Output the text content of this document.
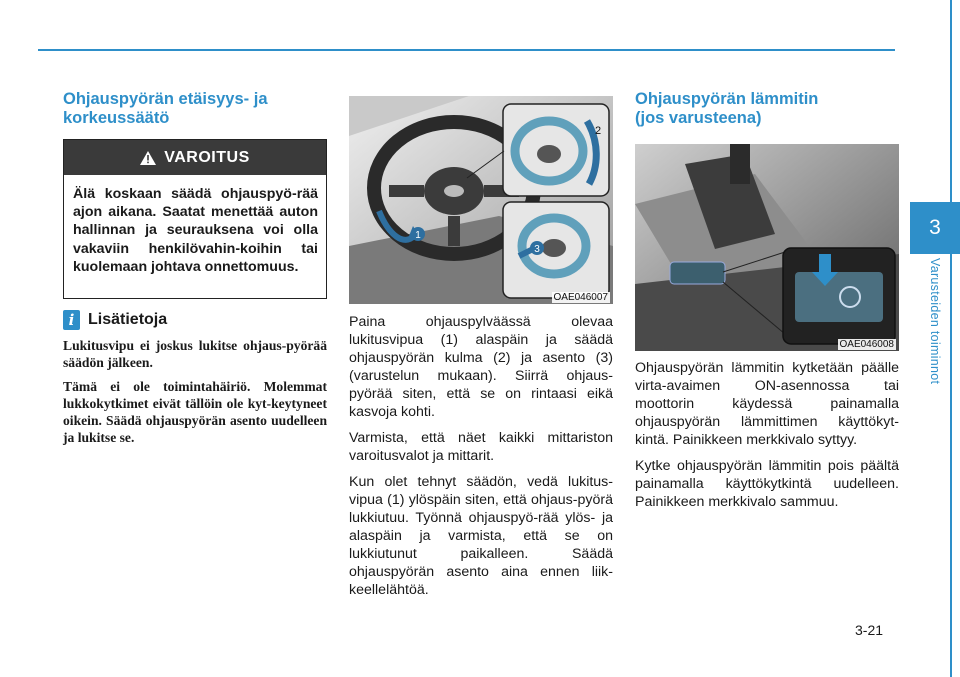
3
Varusteiden toiminnot
Ohjauspyörän etäisyys- ja
korkeussäätö
VAROITUS
Älä koskaan säädä ohjauspyö-rää ajon aikana. Saatat menettää auton hallinnan ja seurauksena voi olla vakaviin henkilövahin-koihin tai kuolemaan johtava onnettomuus.
i Lisätietoja

Lukitusvipu ei joskus lukitse ohjaus-pyörää säädön jälkeen.

Tämä ei ole toimintahäiriö. Molemmat lukkokytkimet eivät tällöin ole kyt-keytyneet oikein. Säädä ohjauspyörän asento uudelleen ja lukitse se.

1
2
3
OAE046007

Paina ohjauspylväässä olevaa lukitusvipua (1) alaspäin ja säädä ohjauspyörän kulma (2) ja asento (3) (varustelun mukaan). Siirrä ohjaus-pyörää siten, että se on rintaasi eikä kasvoja kohti.

Varmista, että näet kaikki mittariston varoitusvalot ja mittarit.

Kun olet tehnyt säädön, vedä lukitus-vipua (1) ylöspäin siten, että ohjaus-pyörä lukkiutuu. Työnnä ohjauspyö-rää ylös- ja alaspäin ja varmista, että se on lukkiutunut paikalleen. Säädä ohjauspyörän asento aina ennen liik-keellelähtöä.

Ohjauspyörän lämmitin
(jos varusteena)
OAE046008

Ohjauspyörän lämmitin kytketään päälle virta-avaimen ON-asennossa tai moottorin käydessä painamalla ohjauspyörän lämmittimen käyttökyt-kintä. Painikkeen merkkivalo syttyy.

Kytke ohjauspyörän lämmitin pois päältä painamalla käyttökytkintä uudelleen. Painikkeen merkkivalo sammuu.

3-21
